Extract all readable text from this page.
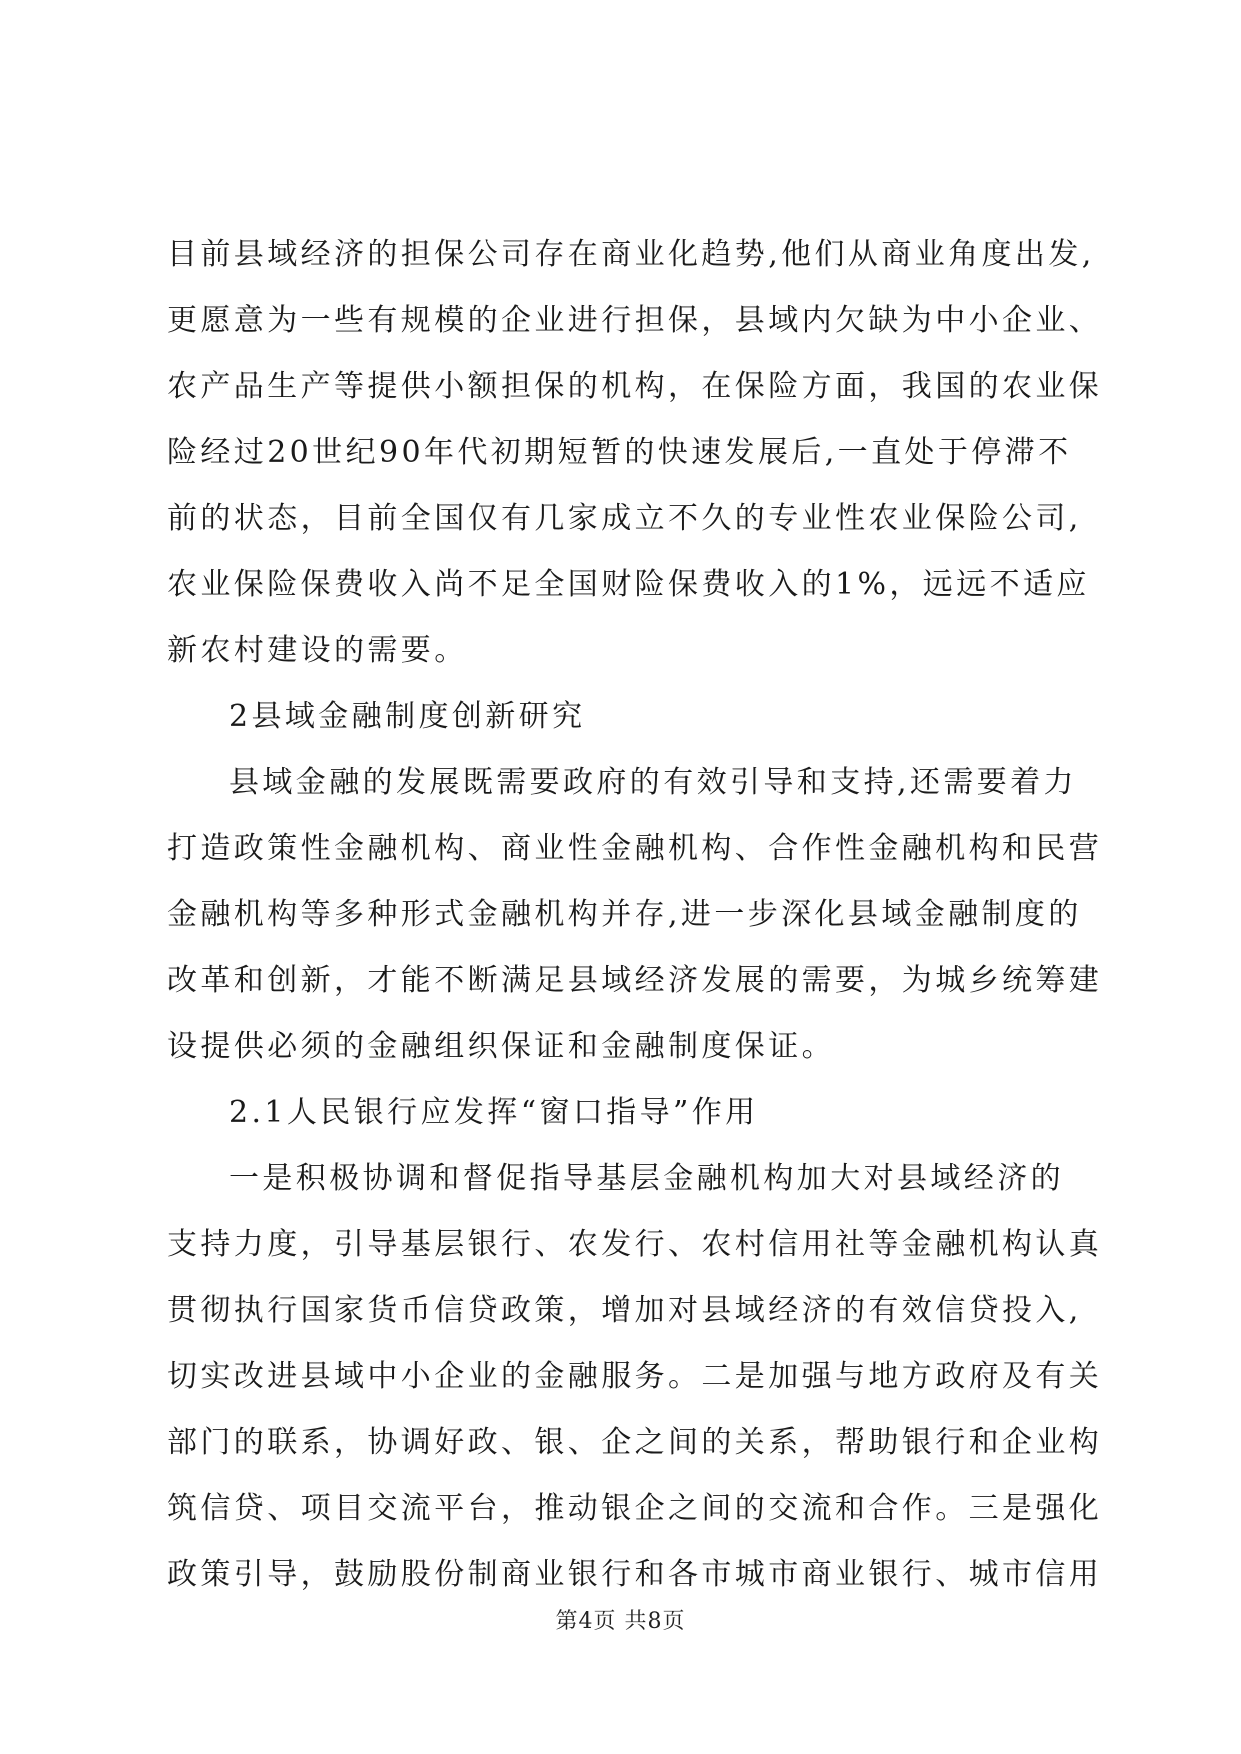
目前县域经济的担保公司存在商业化趋势,他们从商业角度出发,
更愿意为一些有规模的企业进行担保，县域内欠缺为中小企业、
农产品生产等提供小额担保的机构，在保险方面，我国的农业保
险经过20世纪90年代初期短暂的快速发展后,一直处于停滞不
前的状态，目前全国仅有几家成立不久的专业性农业保险公司,
农业保险保费收入尚不足全国财险保费收入的1%，远远不适应
新农村建设的需要。
2县域金融制度创新研究
县域金融的发展既需要政府的有效引导和支持,还需要着力
打造政策性金融机构、商业性金融机构、合作性金融机构和民营
金融机构等多种形式金融机构并存,进一步深化县域金融制度的
改革和创新，才能不断满足县域经济发展的需要，为城乡统筹建
设提供必须的金融组织保证和金融制度保证。
2.1人民银行应发挥“窗口指导”作用
一是积极协调和督促指导基层金融机构加大对县域经济的
支持力度，引导基层银行、农发行、农村信用社等金融机构认真
贯彻执行国家货币信贷政策，增加对县域经济的有效信贷投入,
切实改进县域中小企业的金融服务。二是加强与地方政府及有关
部门的联系，协调好政、银、企之间的关系，帮助银行和企业构
筑信贷、项目交流平台，推动银企之间的交流和合作。三是强化
政策引导，鼓励股份制商业银行和各市城市商业银行、城市信用
第4页 共8页
